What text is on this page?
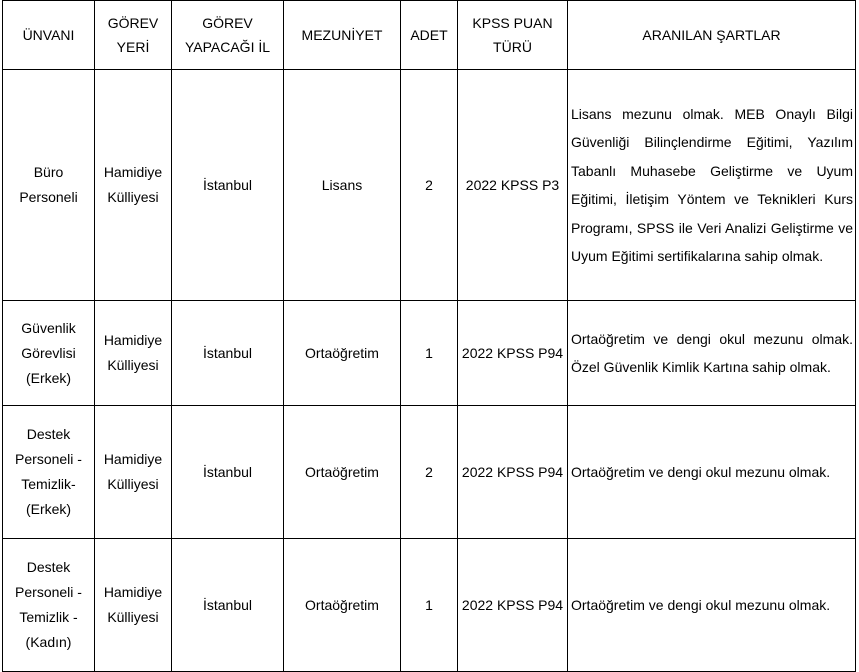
ÜNVANI	GÖREV YERİ	GÖREV YAPACAĞI İL	MEZUNİYET	ADET	KPSS PUAN TÜRÜ	ARANILAN ŞARTLAR
Büro Personeli	Hamidiye Külliyesi	İstanbul	Lisans	2	2022 KPSS P3	Lisans mezunu olmak. MEB Onaylı Bilgi Güvenliği Bilinçlendirme Eğitimi, Yazılım Tabanlı Muhasebe Geliştirme ve Uyum Eğitimi, İletişim Yöntem ve Teknikleri Kurs Programı, SPSS ile Veri Analizi Geliştirme ve Uyum Eğitimi sertifikalarına sahip olmak.
Güvenlik Görevlisi (Erkek)	Hamidiye Külliyesi	İstanbul	Ortaöğretim	1	2022 KPSS P94	Ortaöğretim ve dengi okul mezunu olmak. Özel Güvenlik Kimlik Kartına sahip olmak.
Destek Personeli - Temizlik- (Erkek)	Hamidiye Külliyesi	İstanbul	Ortaöğretim	2	2022 KPSS P94	Ortaöğretim ve dengi okul mezunu olmak.
Destek Personeli - Temizlik - (Kadın)	Hamidiye Külliyesi	İstanbul	Ortaöğretim	1	2022 KPSS P94	Ortaöğretim ve dengi okul mezunu olmak.
